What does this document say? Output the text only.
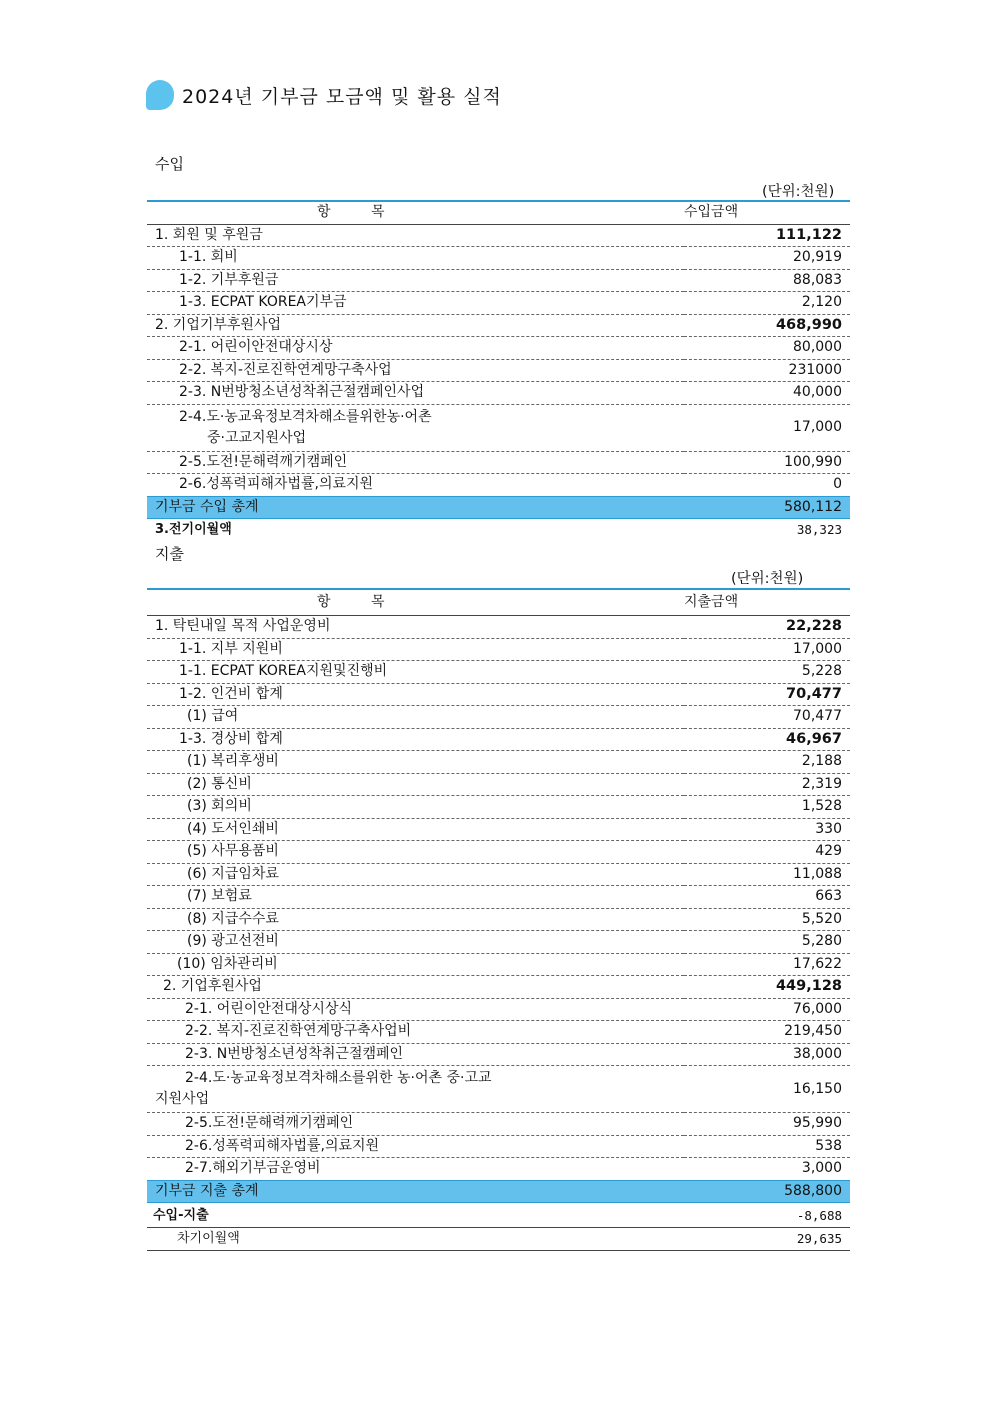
2024년 기부금 모금액 및 활용 실적
수입
(단위:천원)
항 목	수입금액
1. 회원 및 후원금	111,122
1-1. 회비	20,919
1-2. 기부후원금	88,083
1-3. ECPAT KOREA기부금	2,120
2. 기업기부후원사업	468,990
2-1. 어린이안전대상시상	80,000
2-2. 복지-진로진학연계망구축사업	231000
2-3. N번방청소년성착취근절캠페인사업	40,000

2-4.도·농교육정보격차해소를위한농·어촌
중·고교지원사업	17,000
2-5.도전!문해력깨기캠페인	100,990
2-6.성폭력피해자법률,의료지원	0
기부금 수입 총계	580,112
3.전기이월액	38,323
지출
(단위:천원)
항 목	지출금액
1. 탁틴내일 목적 사업운영비	22,228
1-1. 지부 지원비	17,000
1-1. ECPAT KOREA지원및진행비	5,228
1-2. 인건비 합계	70,477
(1) 급여	70,477
1-3. 경상비 합계	46,967
(1) 복리후생비	2,188
(2) 통신비	2,319
(3) 회의비	1,528
(4) 도서인쇄비	330
(5) 사무용품비	429
(6) 지급임차료	11,088
(7) 보험료	663
(8) 지급수수료	5,520
(9) 광고선전비	5,280
(10) 임차관리비	17,622
2. 기업후원사업	449,128
2-1. 어린이안전대상시상식	76,000
2-2. 복지-진로진학연계망구축사업비	219,450
2-3. N번방청소년성착취근절캠페인	38,000

2-4.도·농교육정보격차해소를위한 농·어촌 중·고교
지원사업	16,150
2-5.도전!문해력깨기캠페인	95,990
2-6.성폭력피해자법률,의료지원	538
2-7.해외기부금운영비	3,000
기부금 지출 총계	588,800
수입-지출	-8,688
차기이월액	29,635
